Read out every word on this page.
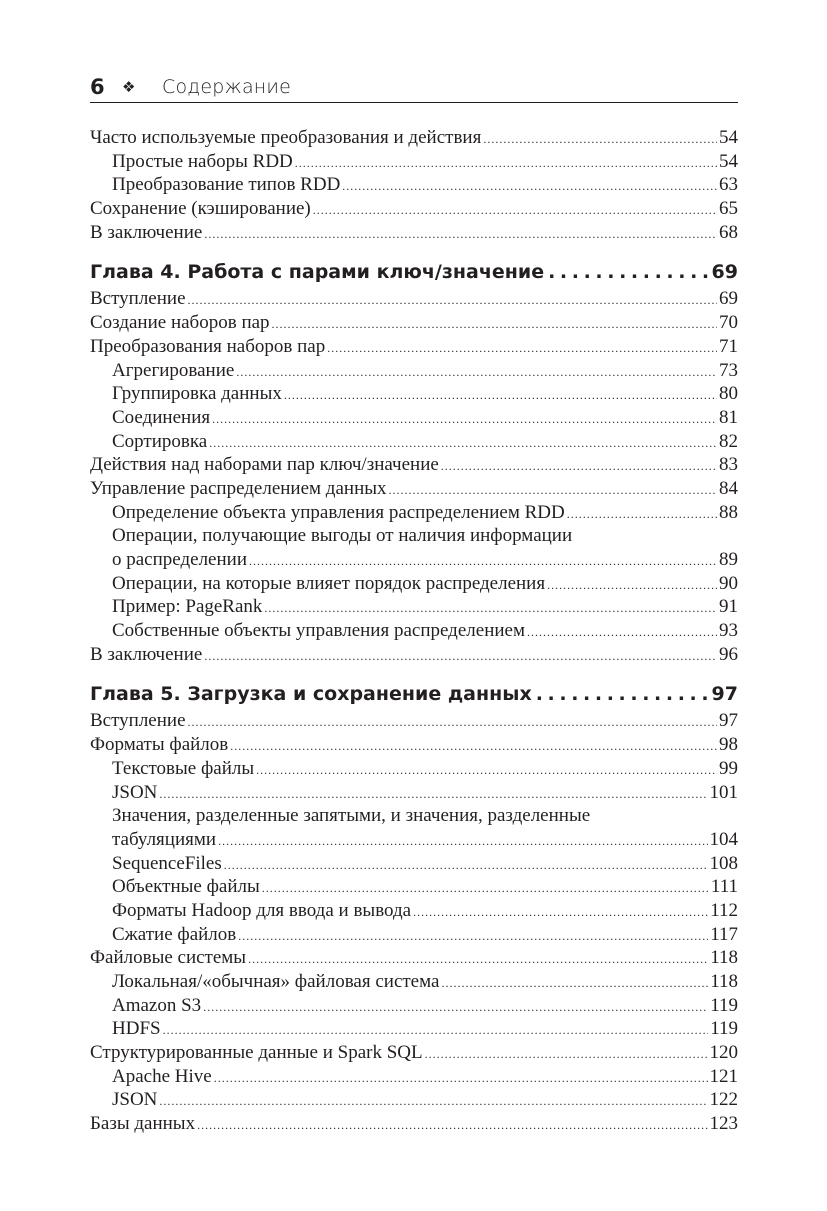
6	❖	Содержание
Часто используемые преобразования и действия .....	54
Простые наборы RDD .....	54
Преобразование типов RDD .....	63
Сохранение (кэширование) .....	65
В заключение .....	68
Глава 4. Работа с парами ключ/значение . . .	69
Вступление .....	69
Создание наборов пар .....	70
Преобразования наборов пар .....	71
Агрегирование .....	73
Группировка данных .....	80
Соединения .....	81
Сортировка .....	82
Действия над наборами пар ключ/значение .....	83
Управление распределением данных .....	84
Определение объекта управления распределением RDD .....	88
Операции, получающие выгоды от наличия информации
о распределении .....	89
Операции, на которые влияет порядок распределения .....	90
Пример: PageRank .....	91
Собственные объекты управления распределением .....	93
В заключение .....	96
Глава 5. Загрузка и сохранение данных . . .	97
Вступление .....	97
Форматы файлов .....	98
Текстовые файлы .....	99
JSON .....	101
Значения, разделенные запятыми, и значения, разделенные
табуляциями .....	104
SequenceFiles .....	108
Объектные файлы .....	111
Форматы Hadoop для ввода и вывода .....	112
Сжатие файлов .....	117
Файловые системы .....	118
Локальная/«обычная» файловая система .....	118
Amazon S3 .....	119
HDFS .....	119
Структурированные данные и Spark SQL .....	120
Apache Hive .....	121
JSON .....	122
Базы данных .....	123
